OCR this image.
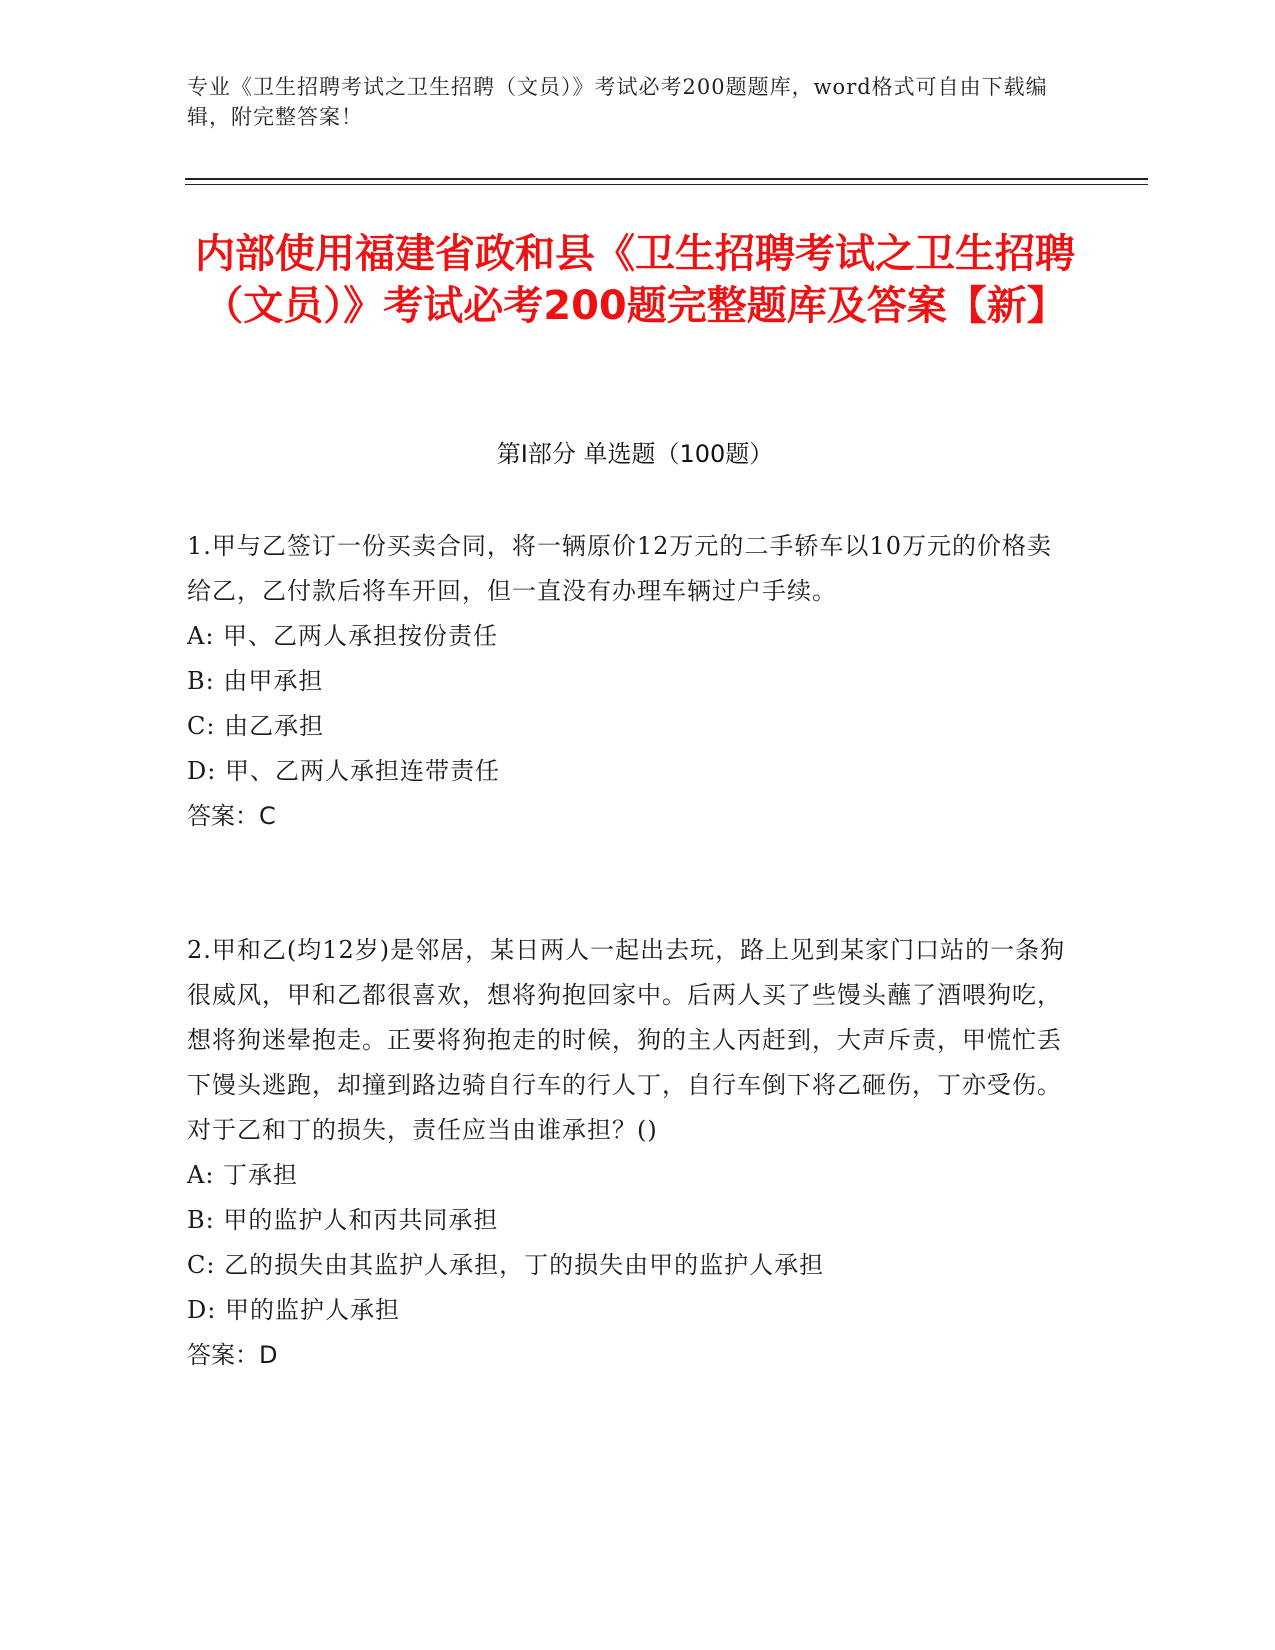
专业《卫生招聘考试之卫生招聘（文员）》考试必考200题题库，word格式可自由下载编辑，附完整答案！
内部使用福建省政和县《卫生招聘考试之卫生招聘（文员）》考试必考200题完整题库及答案【新】
第Ⅰ部分 单选题（100题）
1.甲与乙签订一份买卖合同，将一辆原价12万元的二手轿车以10万元的价格卖给乙，乙付款后将车开回，但一直没有办理车辆过户手续。
A: 甲、乙两人承担按份责任
B: 由甲承担
C: 由乙承担
D: 甲、乙两人承担连带责任
答案：C
2.甲和乙(均12岁)是邻居，某日两人一起出去玩，路上见到某家门口站的一条狗很威风，甲和乙都很喜欢，想将狗抱回家中。后两人买了些馒头蘸了酒喂狗吃，想将狗迷晕抱走。正要将狗抱走的时候，狗的主人丙赶到，大声斥责，甲慌忙丢下馒头逃跑，却撞到路边骑自行车的行人丁，自行车倒下将乙砸伤，丁亦受伤。对于乙和丁的损失，责任应当由谁承担？()
A: 丁承担
B: 甲的监护人和丙共同承担
C: 乙的损失由其监护人承担，丁的损失由甲的监护人承担
D: 甲的监护人承担
答案：D
